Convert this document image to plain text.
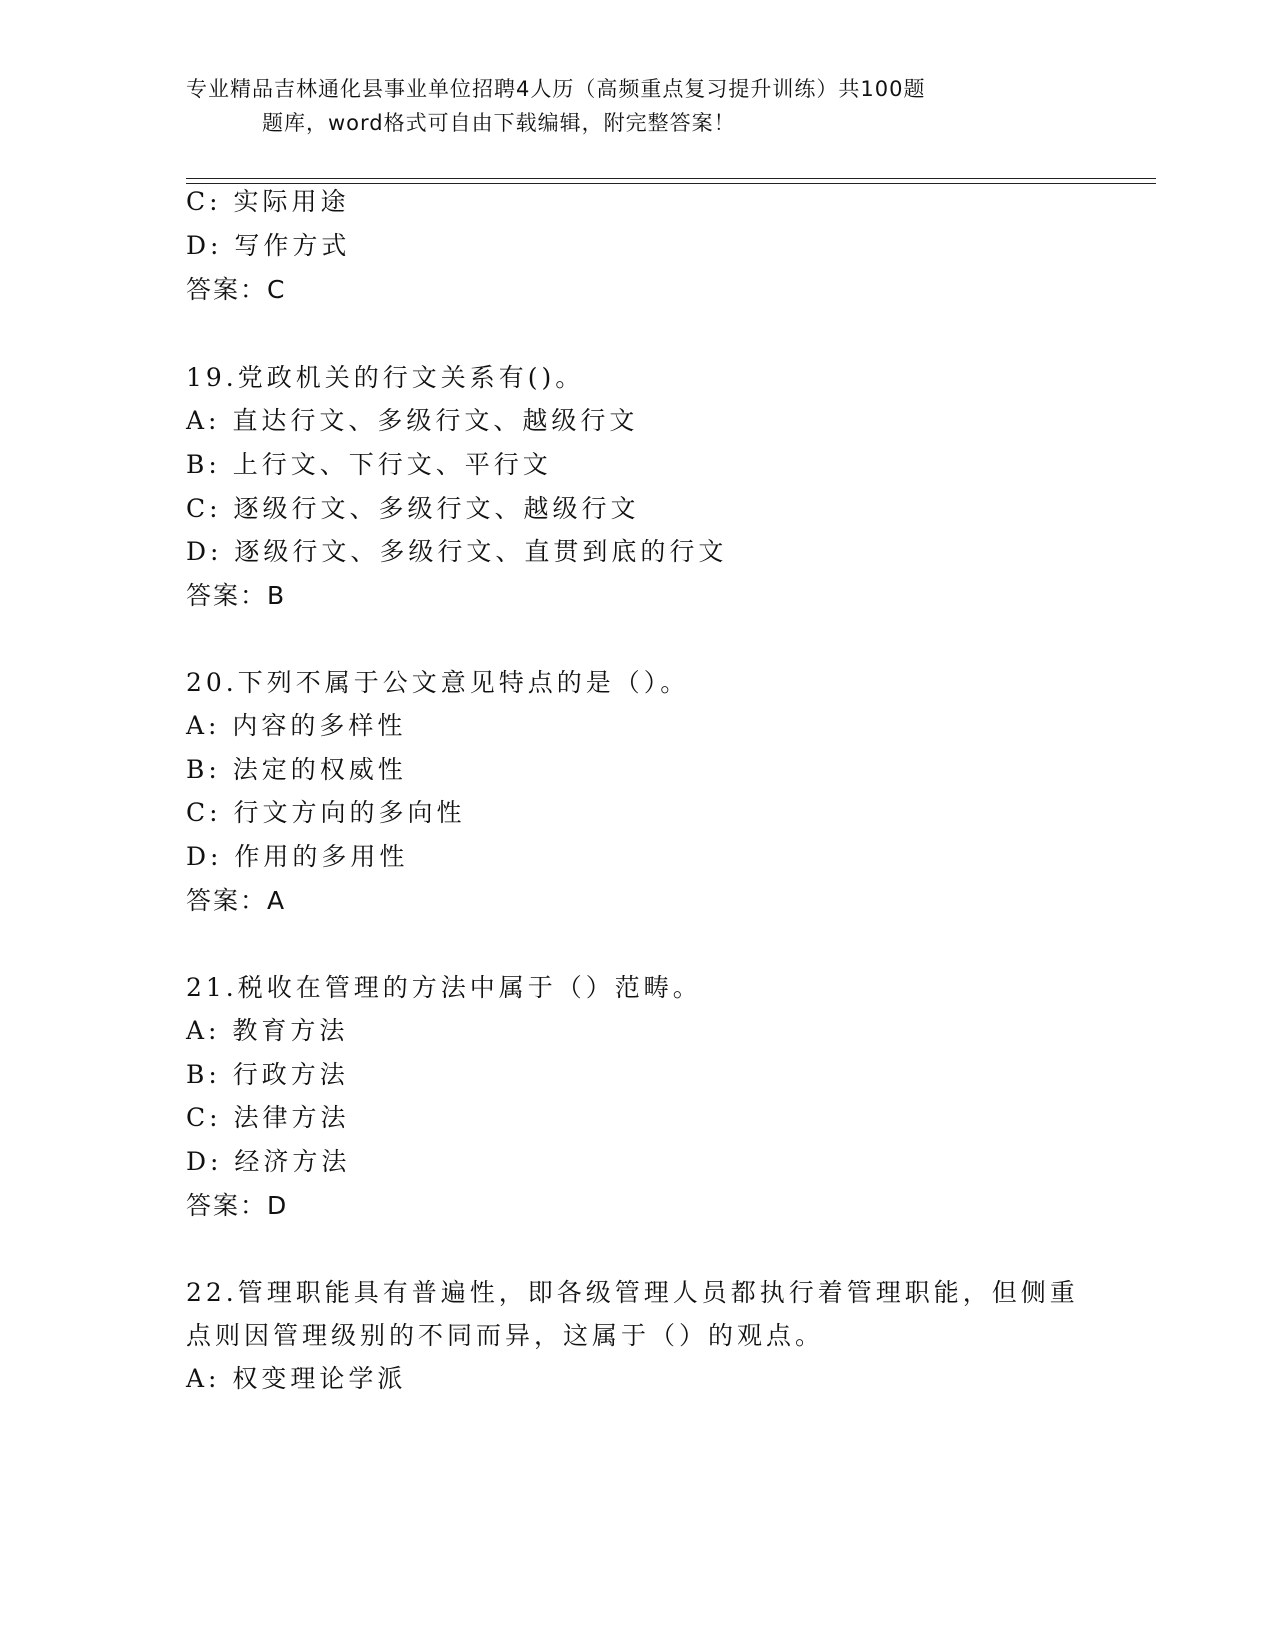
专业精品吉林通化县事业单位招聘4人历（高频重点复习提升训练）共100题
题库，word格式可自由下载编辑，附完整答案！
C: 实际用途
D: 写作方式
答案：C
19.党政机关的行文关系有()。
A: 直达行文、多级行文、越级行文
B: 上行文、下行文、平行文
C: 逐级行文、多级行文、越级行文
D: 逐级行文、多级行文、直贯到底的行文
答案：B
20.下列不属于公文意见特点的是（）。
A: 内容的多样性
B: 法定的权威性
C: 行文方向的多向性
D: 作用的多用性
答案：A
21.税收在管理的方法中属于（）范畴。
A: 教育方法
B: 行政方法
C: 法律方法
D: 经济方法
答案：D
22.管理职能具有普遍性，即各级管理人员都执行着管理职能，但侧重
点则因管理级别的不同而异，这属于（）的观点。
A: 权变理论学派
